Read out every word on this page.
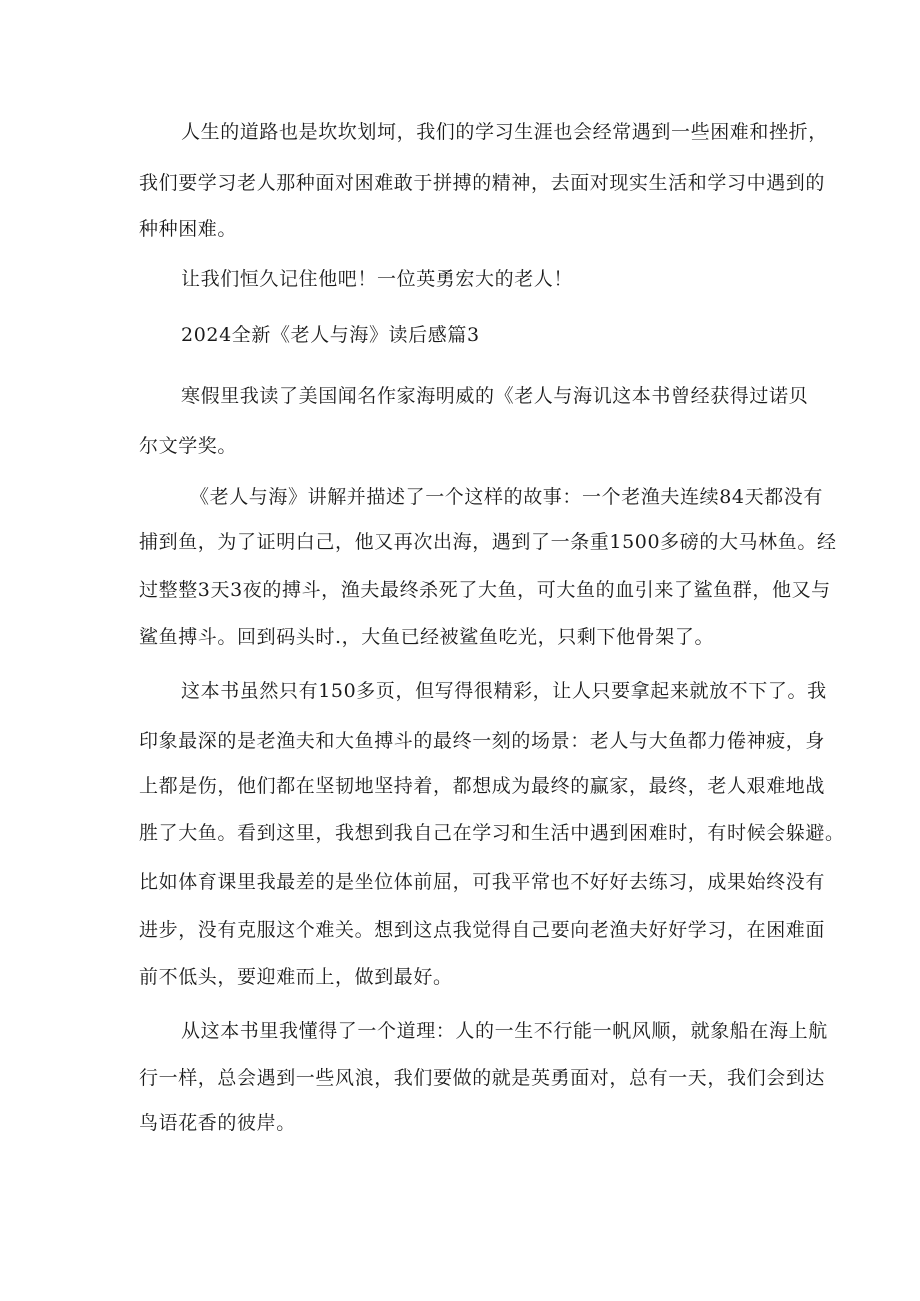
人生的道路也是坎坎划坷，我们的学习生涯也会经常遇到一些困难和挫折，
我们要学习老人那种面对困难敢于拼搏的精神，去面对现实生活和学习中遇到的
种种困难。
让我们恒久记住他吧！一位英勇宏大的老人！
2024全新《老人与海》读后感篇3
寒假里我读了美国闻名作家海明威的《老人与海讥这本书曾经获得过诺贝
尔文学奖。
《老人与海》讲解并描述了一个这样的故事：一个老渔夫连续84天都没有
捕到鱼，为了证明白己，他又再次出海，遇到了一条重1500多磅的大马林鱼。经
过整整3天3夜的搏斗，渔夫最终杀死了大鱼，可大鱼的血引来了鲨鱼群，他又与
鲨鱼搏斗。回到码头时.，大鱼已经被鲨鱼吃光，只剩下他骨架了。
这本书虽然只有150多页，但写得很精彩，让人只要拿起来就放不下了。我
印象最深的是老渔夫和大鱼搏斗的最终一刻的场景：老人与大鱼都力倦神疲，身
上都是伤，他们都在坚韧地坚持着，都想成为最终的赢家，最终，老人艰难地战
胜了大鱼。看到这里，我想到我自己在学习和生活中遇到困难时，有时候会躲避。
比如体育课里我最差的是坐位体前屈，可我平常也不好好去练习，成果始终没有
进步，没有克服这个难关。想到这点我觉得自己要向老渔夫好好学习，在困难面
前不低头，要迎难而上，做到最好。
从这本书里我懂得了一个道理：人的一生不行能一帆风顺，就象船在海上航
行一样，总会遇到一些风浪，我们要做的就是英勇面对，总有一天，我们会到达
鸟语花香的彼岸。
